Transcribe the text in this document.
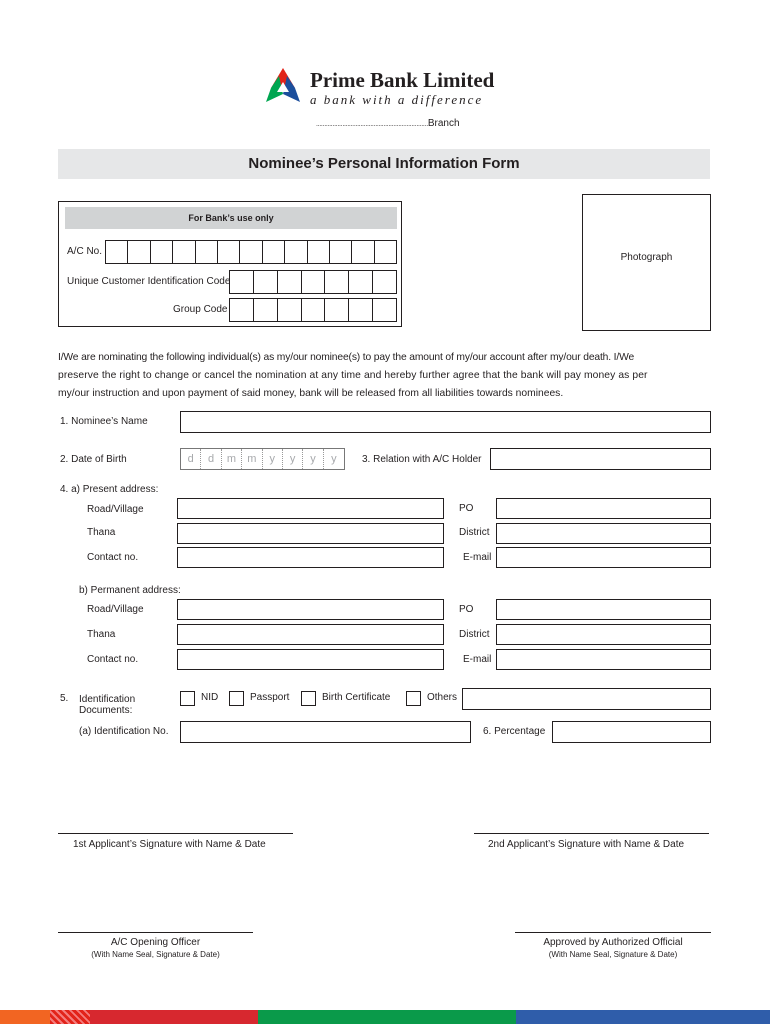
Prime Bank Limited
a bank with a difference
....................................................................Branch
Nominee’s Personal Information Form
For Bank’s use only
A/C No.
Unique Customer Identification Code
Group Code
Photograph
I/We are nominating the following individual(s) as my/our nominee(s) to pay the amount of my/our account after my/our death. I/We
preserve the right to change or cancel the nomination at any time and hereby further agree that the bank will pay money as per
my/our instruction and upon payment of said money, bank will be released from all liabilities towards nominees.
1. Nominee’s Name
2. Date of Birth	d	d	m	m	y	y	y	y	3. Relation with A/C Holder
4. a) Present address:
Road/Village	PO
Thana	District
Contact no.	E-mail
b) Permanent address:
Road/Village	PO
Thana	District
Contact no.	E-mail
5. Identification
Documents:
NID	Passport	Birth Certificate	Others
(a) Identification No.	6. Percentage
1st Applicant’s Signature with Name & Date	2nd Applicant’s Signature with Name & Date
A/C Opening Officer
(With Name Seal, Signature & Date)
Approved by Authorized Official
(With Name Seal, Signature & Date)
